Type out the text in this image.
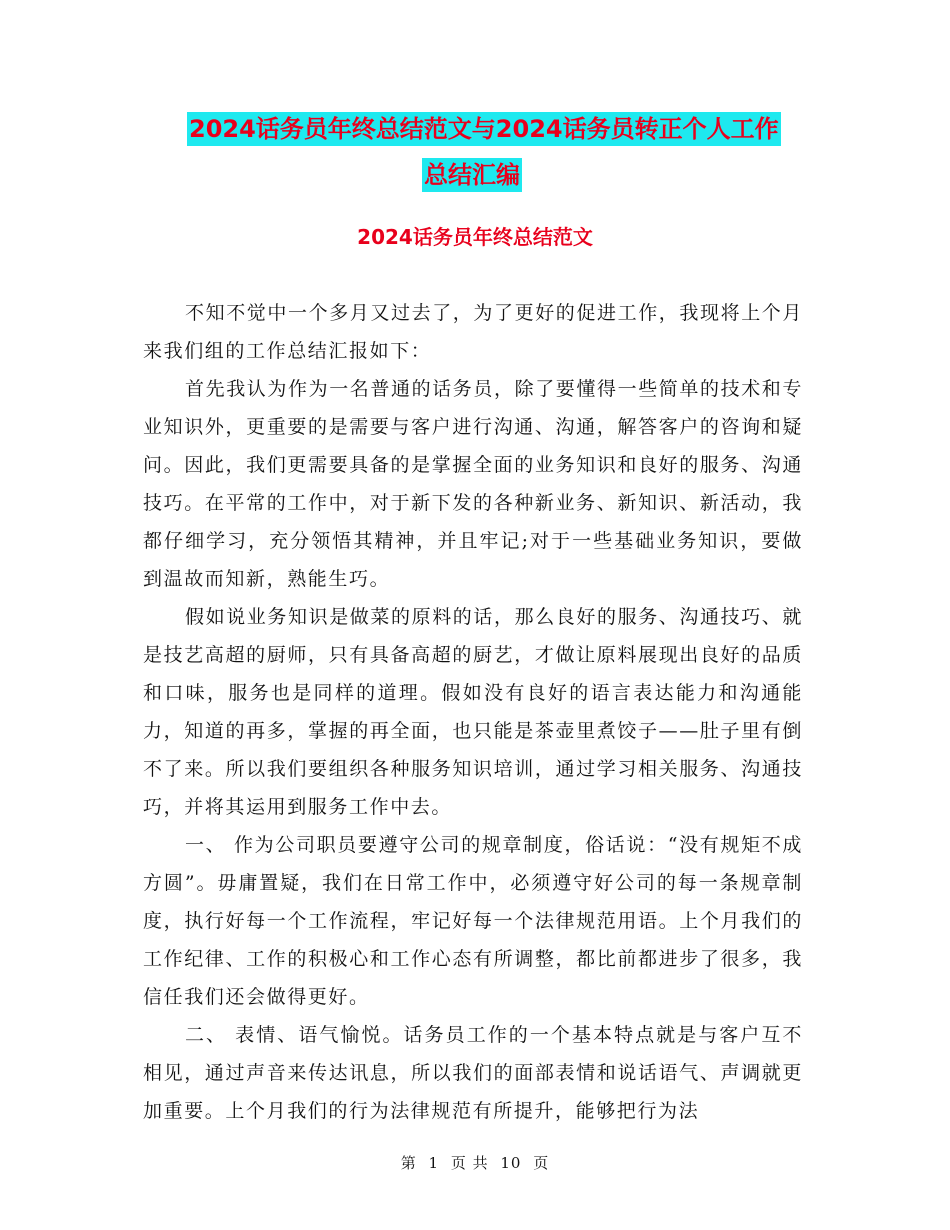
2024话务员年终总结范文与2024话务员转正个人工作
总结汇编
2024话务员年终总结范文

不知不觉中一个多月又过去了，为了更好的促进工作，我现将上个月来我们组的工作总结汇报如下：

首先我认为作为一名普通的话务员，除了要懂得一些简单的技术和专业知识外，更重要的是需要与客户进行沟通、沟通，解答客户的咨询和疑问。因此，我们更需要具备的是掌握全面的业务知识和良好的服务、沟通技巧。在平常的工作中，对于新下发的各种新业务、新知识、新活动，我都仔细学习，充分领悟其精神，并且牢记;对于一些基础业务知识，要做到温故而知新，熟能生巧。

假如说业务知识是做菜的原料的话，那么良好的服务、沟通技巧、就是技艺高超的厨师，只有具备高超的厨艺，才做让原料展现出良好的品质和口味，服务也是同样的道理。假如没有良好的语言表达能力和沟通能力，知道的再多，掌握的再全面，也只能是茶壶里煮饺子——肚子里有倒不了来。所以我们要组织各种服务知识培训，通过学习相关服务、沟通技巧，并将其运用到服务工作中去。

一、 作为公司职员要遵守公司的规章制度，俗话说：“没有规矩不成方圆”。毋庸置疑，我们在日常工作中，必须遵守好公司的每一条规章制度，执行好每一个工作流程，牢记好每一个法律规范用语。上个月我们的工作纪律、工作的积极心和工作心态有所调整，都比前都进步了很多，我信任我们还会做得更好。

二、 表情、语气愉悦。话务员工作的一个基本特点就是与客户互不相见，通过声音来传达讯息，所以我们的面部表情和说话语气、声调就更加重要。上个月我们的行为法律规范有所提升，能够把行为法

第 1 页 共 10 页
